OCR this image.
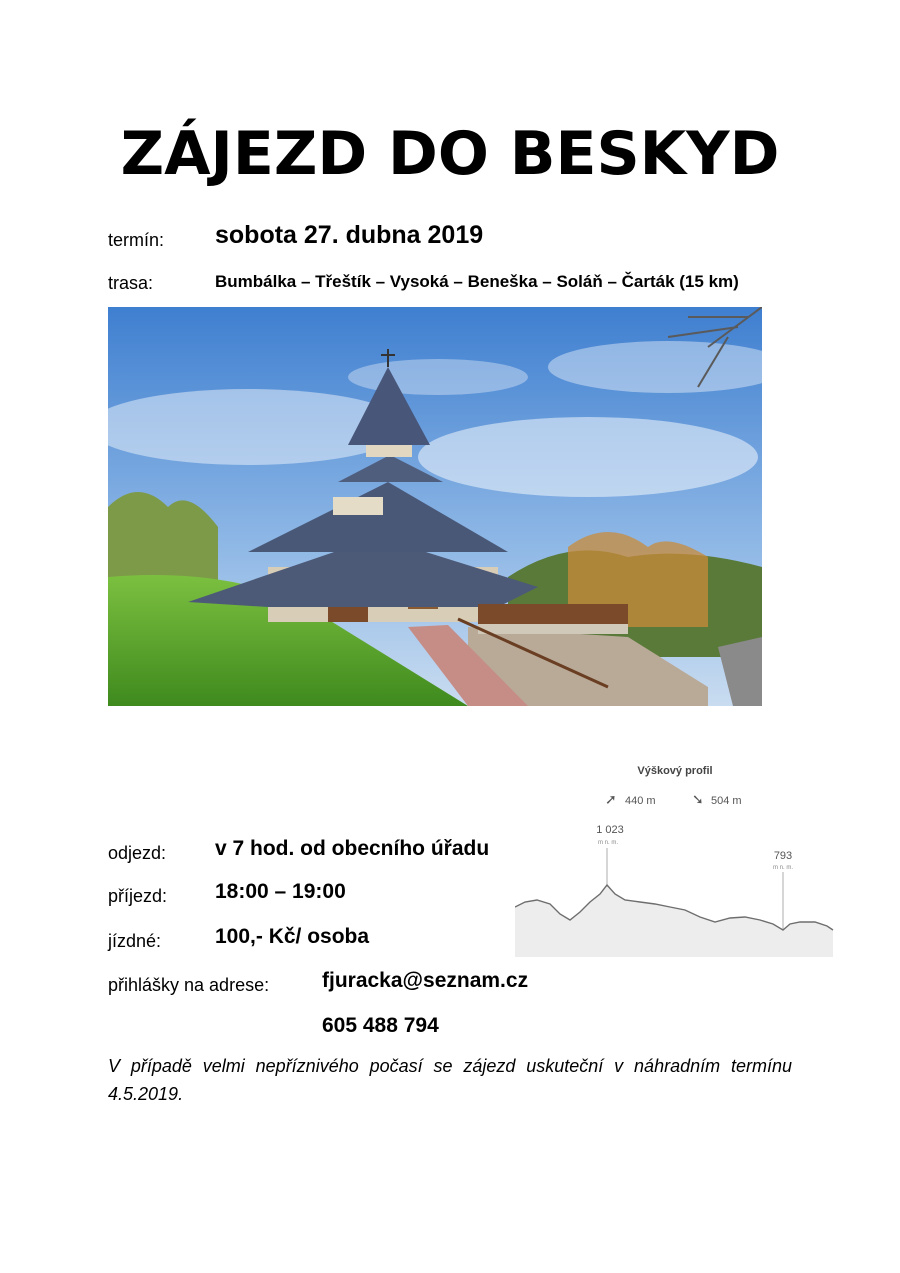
ZÁJEZD DO BESKYD
termín: sobota 27. dubna 2019
trasa:	Bumbálka – Třeštík – Vysoká – Beneška – Soláň – Čarták (15 km)
Výškový profil
➚ 440 m	➘ 504 m
1 023
m n. m.
793
m n. m.
odjezd: v 7 hod. od obecního úřadu
příjezd: 18:00 – 19:00
jízdné:	100,- Kč/ osoba
přihlášky na adrese:	fjuracka@seznam.cz
605 488 794
V případě velmi nepříznivého počasí se zájezd uskuteční v náhradním termínu 4.5.2019.
